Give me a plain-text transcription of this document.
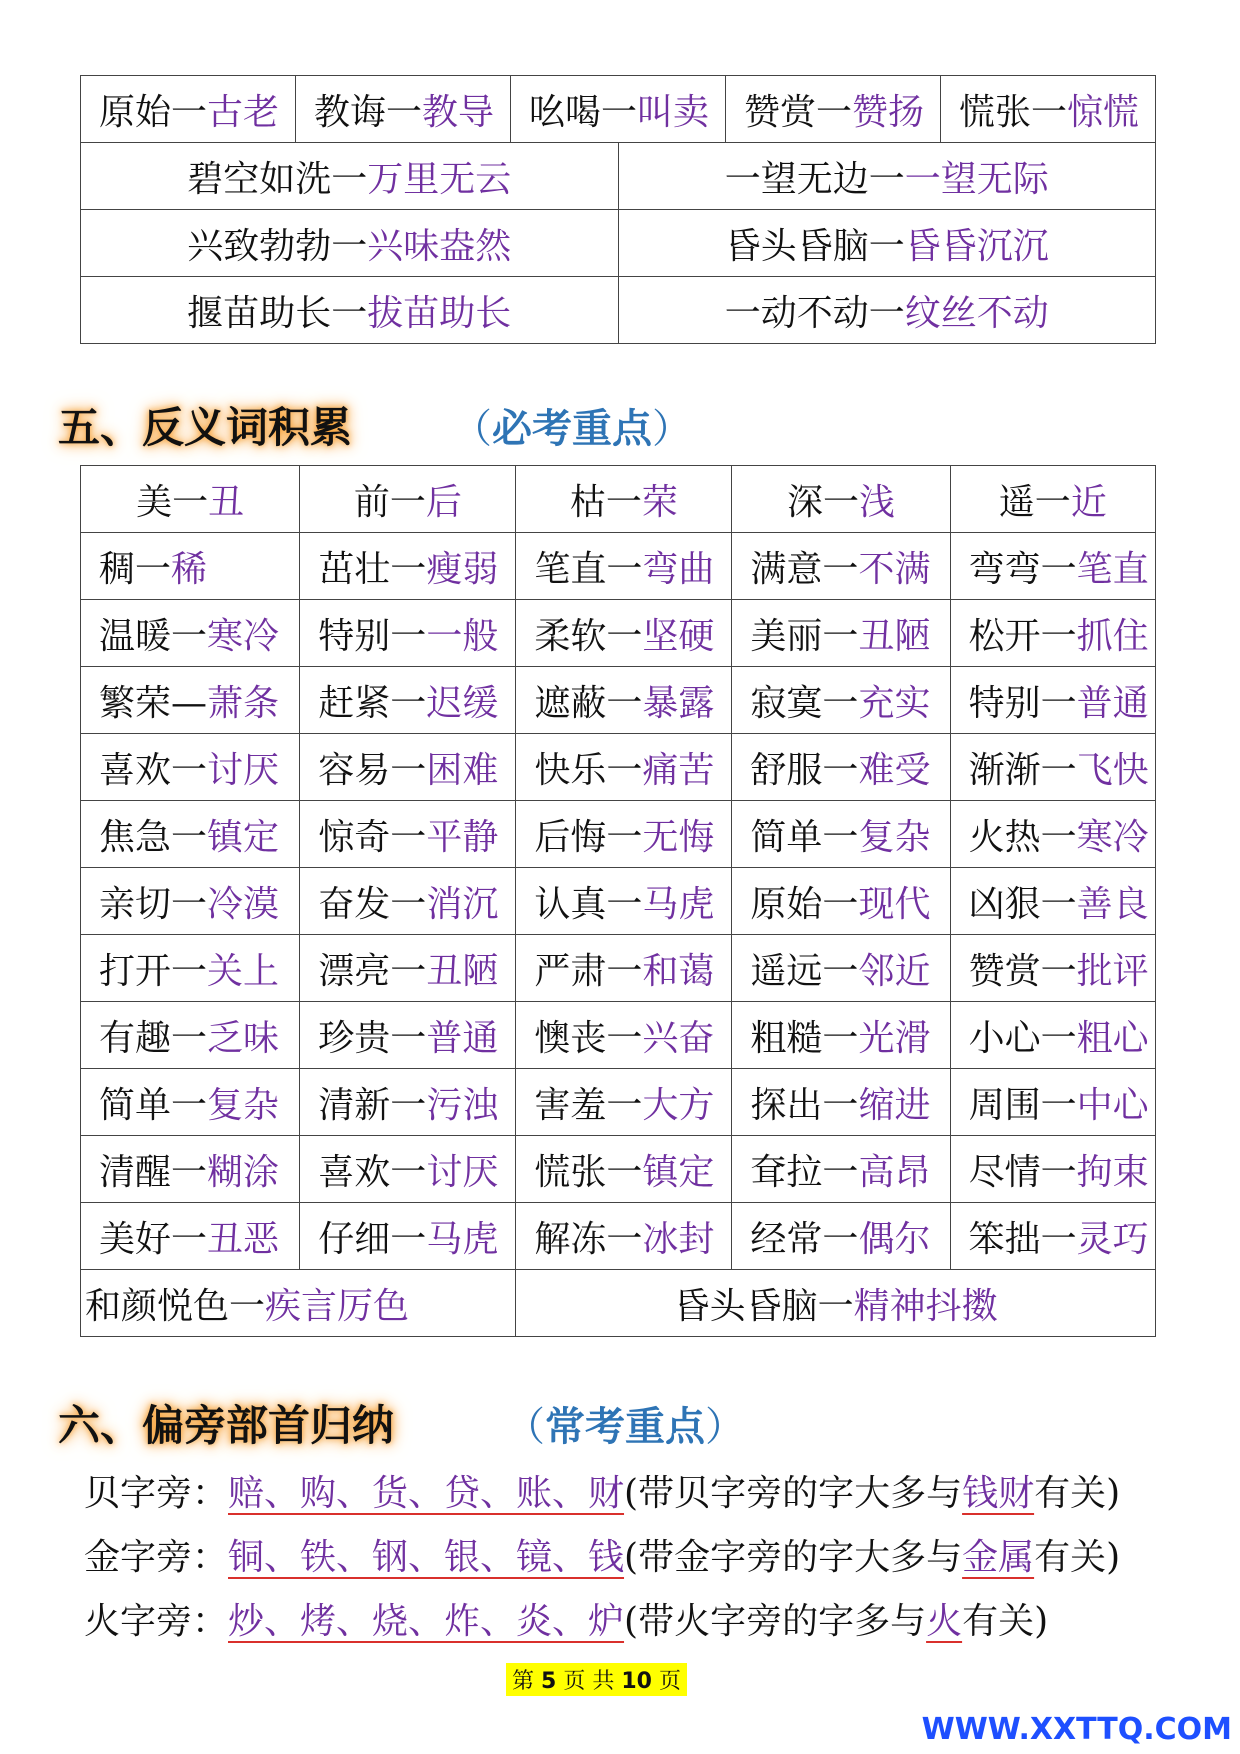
原始一古老	教诲一教导	吆喝一叫卖		赞赏一赞扬	慌张一惊慌
碧空如洗一万里无云			一望无边一一望无际		
兴致勃勃一兴味盎然			昏头昏脑一昏昏沉沉		
揠苗助长一拔苗助长			一动不动一纹丝不动		
五、反义词积累 （必考重点）
美一丑	前一后	枯一荣	深一浅	遥一近
稠一稀	茁壮一瘦弱	笔直一弯曲	满意一不满	弯弯一笔直
温暖一寒冷	特别一一般	柔软一坚硬	美丽一丑陋	松开一抓住
繁荣—萧条	赶紧一迟缓	遮蔽一暴露	寂寞一充实	特别一普通
喜欢一讨厌	容易一困难	快乐一痛苦	舒服一难受	渐渐一飞快
焦急一镇定	惊奇一平静	后悔一无悔	简单一复杂	火热一寒冷
亲切一冷漠	奋发一消沉	认真一马虎	原始一现代	凶狠一善良
打开一关上	漂亮一丑陋	严肃一和蔼	遥远一邻近	赞赏一批评
有趣一乏味	珍贵一普通	懊丧一兴奋	粗糙一光滑	小心一粗心
简单一复杂	清新一污浊	害羞一大方	探出一缩进	周围一中心
清醒一糊涂	喜欢一讨厌	慌张一镇定	耷拉一高昂	尽情一拘束
美好一丑恶	仔细一马虎	解冻一冰封	经常一偶尔	笨拙一灵巧
和颜悦色一疾言厉色		昏头昏脑一精神抖擞		
六、偏旁部首归纳	（常考重点）
贝字旁：赔、购、货、贷、账、财(带贝字旁的字大多与钱财有关)
金字旁：铜、铁、钢、银、镜、钱(带金字旁的字大多与金属有关)
火字旁：炒、烤、烧、炸、炎、炉(带火字旁的字多与火有关)
第 5 页 共 10 页
WWW.XXTTQ.COM
